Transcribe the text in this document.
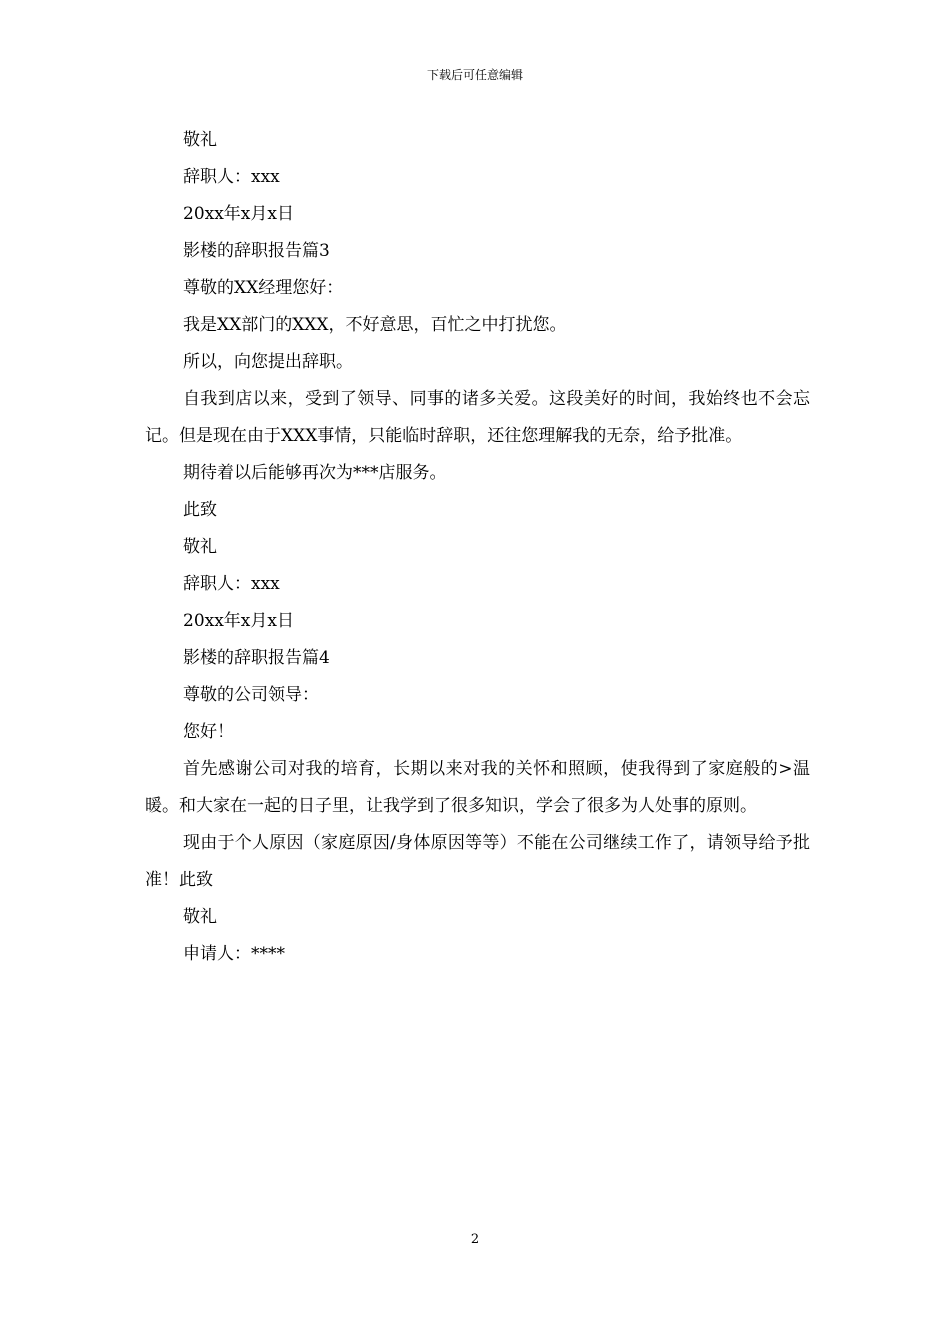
下载后可任意编辑

敬礼

辞职人：xxx

20xx年x月x日

影楼的辞职报告篇3

尊敬的XX经理您好：

我是XX部门的XXX，不好意思，百忙之中打扰您。

所以，向您提出辞职。

自我到店以来，受到了领导、同事的诸多关爱。这段美好的时间，我始终也不会忘记。但是现在由于XXX事情，只能临时辞职，还往您理解我的无奈，给予批准。

期待着以后能够再次为***店服务。

此致

敬礼

辞职人：xxx

20xx年x月x日

影楼的辞职报告篇4

尊敬的公司领导：

您好！

首先感谢公司对我的培育，长期以来对我的关怀和照顾，使我得到了家庭般的>温暖。和大家在一起的日子里，让我学到了很多知识，学会了很多为人处事的原则。

现由于个人原因（家庭原因/身体原因等等）不能在公司继续工作了，请领导给予批准！此致

敬礼

申请人：****

2
